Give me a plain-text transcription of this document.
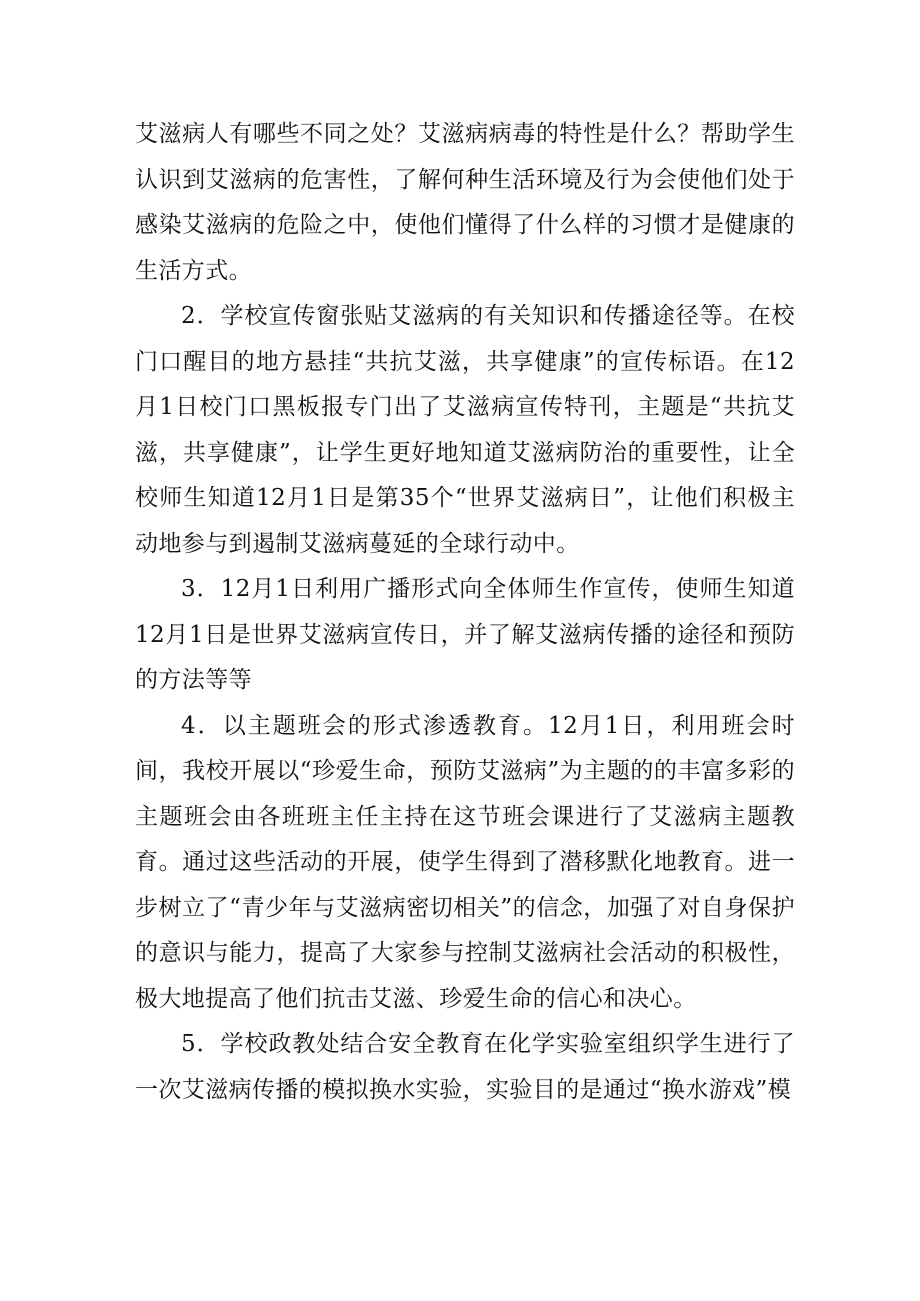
艾滋病人有哪些不同之处？艾滋病病毒的特性是什么？帮助学生认识到艾滋病的危害性，了解何种生活环境及行为会使他们处于感染艾滋病的危险之中，使他们懂得了什么样的习惯才是健康的生活方式。

2．学校宣传窗张贴艾滋病的有关知识和传播途径等。在校门口醒目的地方悬挂“共抗艾滋，共享健康”的宣传标语。在12月1日校门口黑板报专门出了艾滋病宣传特刊，主题是“共抗艾滋，共享健康”，让学生更好地知道艾滋病防治的重要性，让全校师生知道12月1日是第35个“世界艾滋病日”，让他们积极主动地参与到遏制艾滋病蔓延的全球行动中。

3．12月1日利用广播形式向全体师生作宣传，使师生知道12月1日是世界艾滋病宣传日，并了解艾滋病传播的途径和预防的方法等等

4．以主题班会的形式渗透教育。12月1日，利用班会时间，我校开展以“珍爱生命，预防艾滋病”为主题的的丰富多彩的主题班会由各班班主任主持在这节班会课进行了艾滋病主题教育。通过这些活动的开展，使学生得到了潜移默化地教育。进一步树立了“青少年与艾滋病密切相关”的信念，加强了对自身保护的意识与能力，提高了大家参与控制艾滋病社会活动的积极性，极大地提高了他们抗击艾滋、珍爱生命的信心和决心。

5．学校政教处结合安全教育在化学实验室组织学生进行了一次艾滋病传播的模拟换水实验，实验目的是通过“换水游戏”模
